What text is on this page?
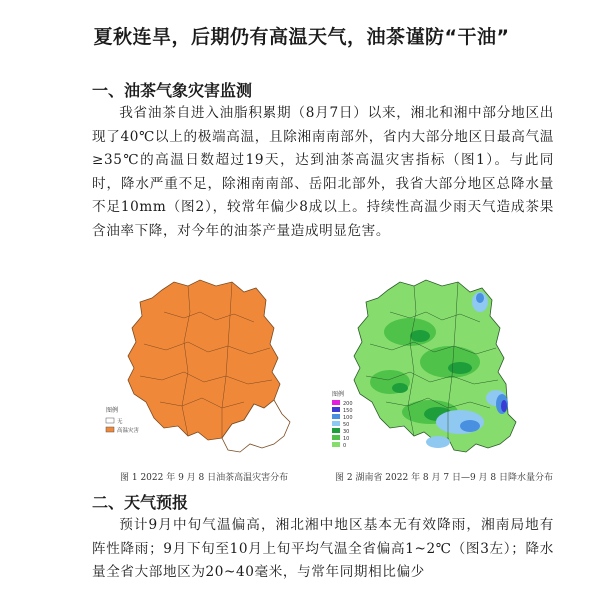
夏秋连旱，后期仍有高温天气，油茶谨防“干油”
一、油茶气象灾害监测
我省油茶自进入油脂积累期（8月7日）以来，湘北和湘中部分地区出现了40℃以上的极端高温，且除湘南南部外，省内大部分地区日最高气温≥35℃的高温日数超过19天，达到油茶高温灾害指标（图1）。与此同时，降水严重不足，除湘南南部、岳阳北部外，我省大部分地区总降水量不足10mm（图2），较常年偏少8成以上。持续性高温少雨天气造成茶果含油率下降，对今年的油茶产量造成明显危害。
图例
无
高温灾害
图 1 2022 年 9 月 8 日油茶高温灾害分布
图例
200
150
100
50
30
10
0
图 2 湖南省 2022 年 8 月 7 日—9 月 8 日降水量分布
二、天气预报
预计9月中旬气温偏高，湘北湘中地区基本无有效降雨，湘南局地有阵性降雨；9月下旬至10月上旬平均气温全省偏高1~2℃（图3左）；降水量全省大部地区为20~40毫米，与常年同期相比偏少
